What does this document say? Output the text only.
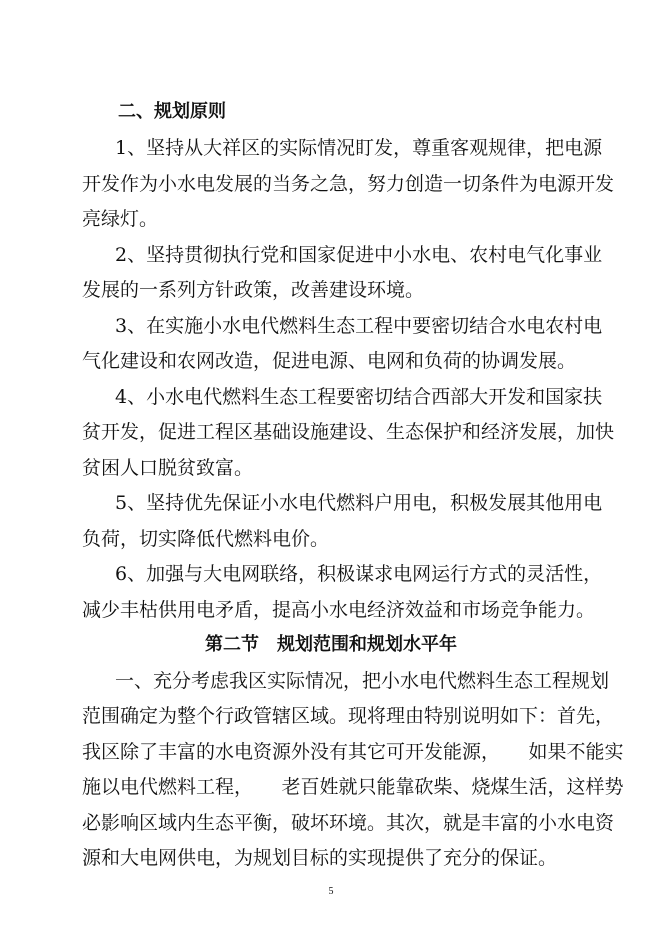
二、规划原则
1、坚持从大祥区的实际情况盯发，尊重客观规律，把电源
开发作为小水电发展的当务之急，努力创造一切条件为电源开发
亮绿灯。
2、坚持贯彻执行党和国家促进中小水电、农村电气化事业
发展的一系列方针政策，改善建设环境。
3、在实施小水电代燃料生态工程中要密切结合水电农村电
气化建设和农网改造，促进电源、电网和负荷的协调发展。
4、小水电代燃料生态工程要密切结合西部大开发和国家扶
贫开发，促进工程区基础设施建设、生态保护和经济发展，加快
贫困人口脱贫致富。
5、坚持优先保证小水电代燃料户用电，积极发展其他用电
负荷，切实降低代燃料电价。
6、加强与大电网联络，积极谋求电网运行方式的灵活性，
减少丰枯供用电矛盾，提高小水电经济效益和市场竞争能力。
第二节　规划范围和规划水平年
一、充分考虑我区实际情况，把小水电代燃料生态工程规划
范围确定为整个行政管辖区域。现将理由特别说明如下：首先，
我区除了丰富的水电资源外没有其它可开发能源，　　如果不能实
施以电代燃料工程，　　老百姓就只能靠砍柴、烧煤生活，这样势
必影响区域内生态平衡，破坏环境。其次，就是丰富的小水电资
源和大电网供电，为规划目标的实现提供了充分的保证。
5
